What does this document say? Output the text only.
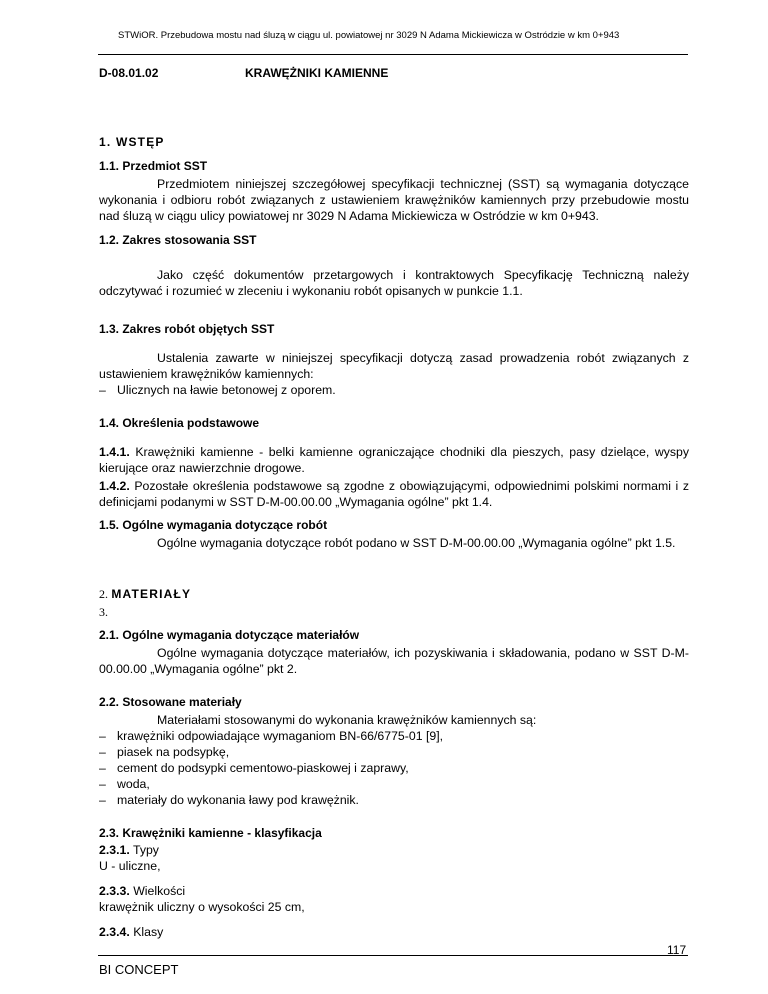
STWiOR. Przebudowa mostu nad śluzą w ciągu ul. powiatowej nr 3029 N Adama Mickiewicza w Ostródzie w km 0+943
D-08.01.02	KRAWĘŻNIKI KAMIENNE
1. WSTĘP
1.1. Przedmiot SST
Przedmiotem niniejszej szczegółowej specyfikacji technicznej (SST) są wymagania dotyczące wykonania i odbioru robót związanych z ustawieniem krawężników kamiennych przy przebudowie mostu nad śluzą w ciągu ulicy powiatowej nr 3029 N Adama Mickiewicza w Ostródzie w km 0+943.
1.2. Zakres stosowania SST
Jako część dokumentów przetargowych i kontraktowych Specyfikację Techniczną należy odczytywać i rozumieć w zleceniu i wykonaniu robót opisanych w punkcie 1.1.
1.3. Zakres robót objętych SST
Ustalenia zawarte w niniejszej specyfikacji dotyczą zasad prowadzenia robót związanych z ustawieniem krawężników kamiennych:
– Ulicznych na ławie betonowej z oporem.
1.4. Określenia podstawowe
1.4.1. Krawężniki kamienne - belki kamienne ograniczające chodniki dla pieszych, pasy dzielące, wyspy kierujące oraz nawierzchnie drogowe.
1.4.2. Pozostałe określenia podstawowe są zgodne z obowiązującymi, odpowiednimi polskimi normami i z definicjami podanymi w SST D-M-00.00.00 „Wymagania ogólne” pkt 1.4.
1.5. Ogólne wymagania dotyczące robót
Ogólne wymagania dotyczące robót podano w SST D-M-00.00.00 „Wymagania ogólne” pkt 1.5.
2. MATERIAŁY
3.
2.1. Ogólne wymagania dotyczące materiałów
Ogólne wymagania dotyczące materiałów, ich pozyskiwania i składowania, podano w SST D-M-00.00.00 „Wymagania ogólne” pkt 2.
2.2. Stosowane materiały
Materiałami stosowanymi do wykonania krawężników kamiennych są:
– krawężniki odpowiadające wymaganiom BN-66/6775-01 [9],
– piasek na podsypkę,
– cement do podsypki cementowo-piaskowej i zaprawy,
– woda,
– materiały do wykonania ławy pod krawężnik.
2.3. Krawężniki kamienne - klasyfikacja
2.3.1. Typy
U - uliczne,
2.3.3. Wielkości
krawężnik uliczny o wysokości 25 cm,
2.3.4. Klasy
BI CONCEPT
117
